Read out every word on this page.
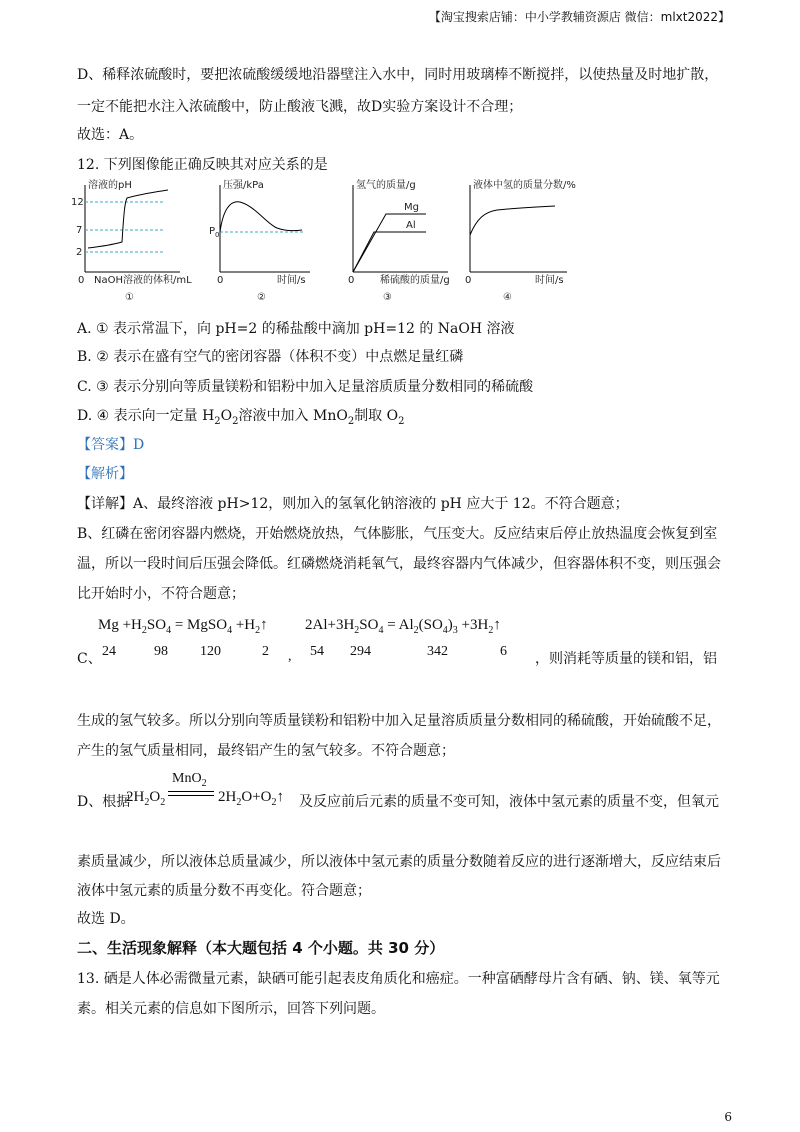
【淘宝搜索店铺：中小学教辅资源店 微信：mlxt2022】
D、稀释浓硫酸时，要把浓硫酸缓缓地沿器壁注入水中，同时用玻璃棒不断搅拌，以使热量及时地扩散，
一定不能把水注入浓硫酸中，防止酸液飞溅，故D实验方案设计不合理；
故选：A。
12. 下列图像能正确反映其对应关系的是
溶液的pH
12
7
2
0 NaOH溶液的体积/mL
①
压强/kPa
$P_0$
0	时间/s
②
氢气的质量/g
Mg
Al
0	稀硫酸的质量/g
③
液体中氢的质量分数/%
0	时间/s
④
A. ① 表示常温下，向 pH=2 的稀盐酸中滴加 pH=12 的 NaOH 溶液
B. ② 表示在盛有空气的密闭容器（体积不变）中点燃足量红磷
C. ③ 表示分别向等质量镁粉和铝粉中加入足量溶质质量分数相同的稀硫酸
D. ④ 表示向一定量 $H_2O_2$溶液中加入 MnO$_2$制取 $O_2$
【答案】D
【解析】
【详解】A、最终溶液 pH>12，则加入的氢氧化钠溶液的 pH 应大于 12。不符合题意；
B、红磷在密闭容器内燃烧，开始燃烧放热，气体膨胀，气压变大。反应结束后停止放热温度会恢复到室
温，所以一段时间后压强会降低。红磷燃烧消耗氧气，最终容器内气体减少，但容器体积不变，则压强会
比开始时小，不符合题意；
$Mg +H_2SO_4$ = MgSO$_4$ $+H_2↑$ $2Al+3H_2SO_4 = Al_2(SO_4)_3$ $+3H_2↑$
C、 24	98 120	2 , 54 294	342	6 ，则消耗等质量的镁和铝，铝
生成的氢气较多。所以分别向等质量镁粉和铝粉中加入足量溶质质量分数相同的稀硫酸，开始硫酸不足，
产生的氢气质量相同，最终铝产生的氢气较多。不符合题意；
D、根据
$2H_2O_2$
MnO$_2$
$2H_2O+O_2↑$ 及反应前后元素的质量不变可知，液体中氢元素的质量不变，但氧元
素质量减少，所以液体总质量减少，所以液体中氢元素的质量分数随着反应的进行逐渐增大，反应结束后
液体中氢元素的质量分数不再变化。符合题意；
故选 D。
二、生活现象解释（本大题包括 4 个小题。共 30 分）
13. 硒是人体必需微量元素，缺硒可能引起表皮角质化和癌症。一种富硒酵母片含有硒、钠、镁、氧等元
素。相关元素的信息如下图所示，回答下列问题。
6
